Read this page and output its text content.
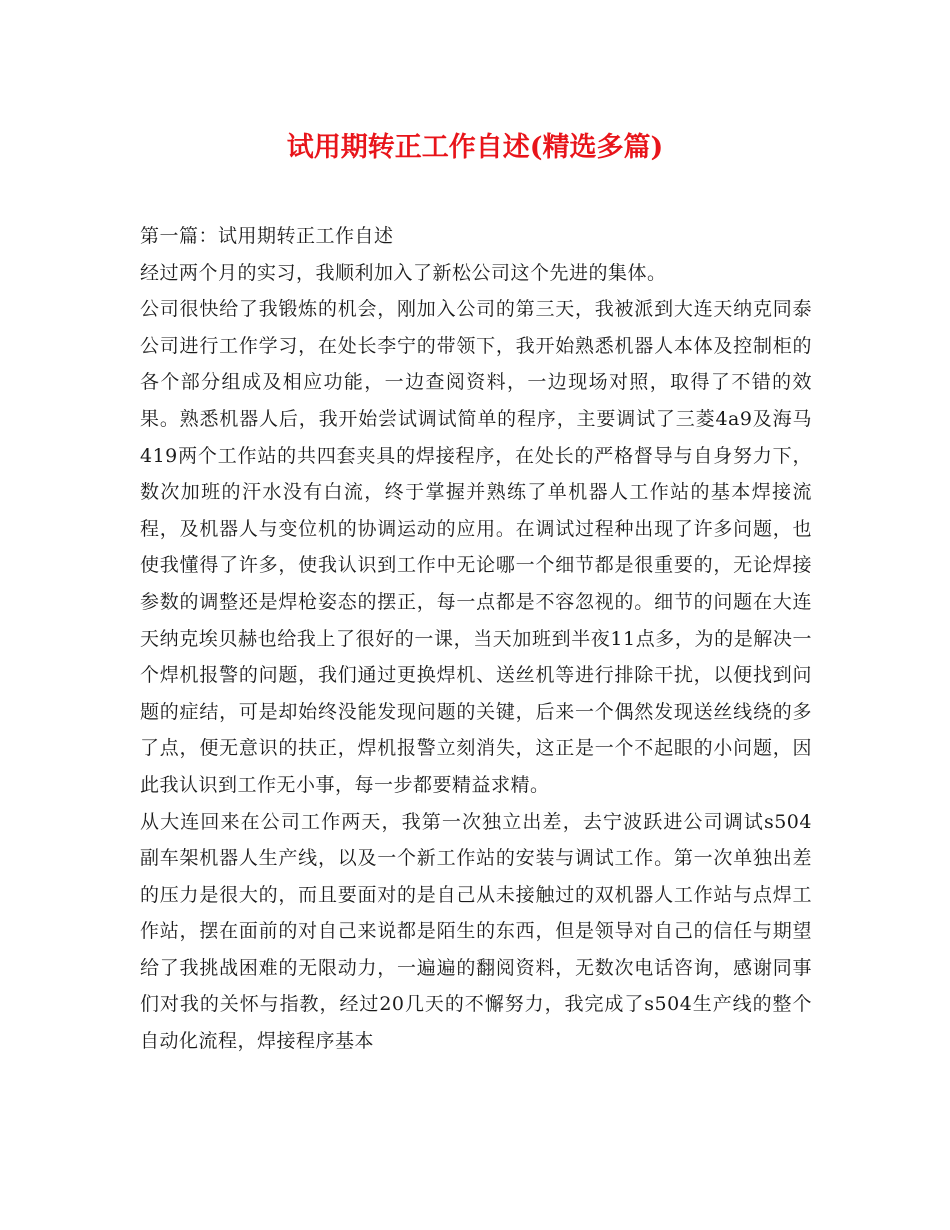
试用期转正工作自述(精选多篇)

第一篇：试用期转正工作自述

经过两个月的实习，我顺利加入了新松公司这个先进的集体。

公司很快给了我锻炼的机会，刚加入公司的第三天，我被派到大连天纳克同泰公司进行工作学习，在处长李宁的带领下，我开始熟悉机器人本体及控制柜的各个部分组成及相应功能，一边查阅资料，一边现场对照，取得了不错的效果。熟悉机器人后，我开始尝试调试简单的程序，主要调试了三菱4a9及海马419两个工作站的共四套夹具的焊接程序，在处长的严格督导与自身努力下，数次加班的汗水没有白流，终于掌握并熟练了单机器人工作站的基本焊接流程，及机器人与变位机的协调运动的应用。在调试过程种出现了许多问题，也使我懂得了许多，使我认识到工作中无论哪一个细节都是很重要的，无论焊接参数的调整还是焊枪姿态的摆正，每一点都是不容忽视的。细节的问题在大连天纳克埃贝赫也给我上了很好的一课，当天加班到半夜11点多，为的是解决一个焊机报警的问题，我们通过更换焊机、送丝机等进行排除干扰，以便找到问题的症结，可是却始终没能发现问题的关键，后来一个偶然发现送丝线绕的多了点，便无意识的扶正，焊机报警立刻消失，这正是一个不起眼的小问题，因此我认识到工作无小事，每一步都要精益求精。

从大连回来在公司工作两天，我第一次独立出差，去宁波跃进公司调试s504副车架机器人生产线，以及一个新工作站的安装与调试工作。第一次单独出差的压力是很大的，而且要面对的是自己从未接触过的双机器人工作站与点焊工作站，摆在面前的对自己来说都是陌生的东西，但是领导对自己的信任与期望给了我挑战困难的无限动力，一遍遍的翻阅资料，无数次电话咨询，感谢同事们对我的关怀与指教，经过20几天的不懈努力，我完成了s504生产线的整个自动化流程，焊接程序基本
